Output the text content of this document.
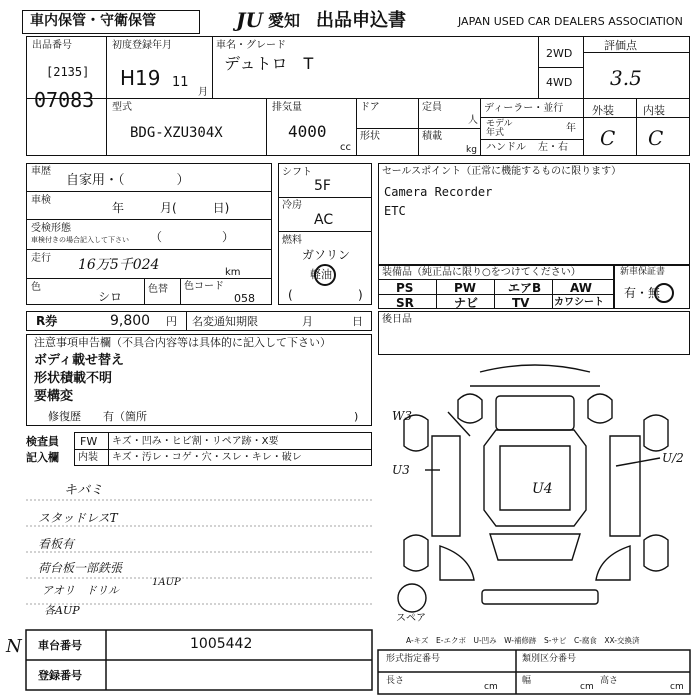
車内保管・守衛保管	JU 愛知 出品申込書	JAPAN USED CAR DEALERS ASSOCIATION
出品番号
[2135]
07083
初度登録年月
H19 11
月
車名・グレード
デュトロ　T
2WD
4WD
評価点
3.5
型式
BDG-XZU304X
排気量
4000
cc
ドア
形状
定員
人
積載
kg
ディーラー・並行
モデル
年式	年
ハンドル 左・右
外装	内装
C C
車歴
自家用・（　　　　）
車検
年　　　月(　　　日)
受検形態
車検付きの場合記入して下さい （　　　　　）
走行 16万5千024	km
色
シロ
色替 色コード
058
シフト
5F
冷房
AC
燃料
ガソリン
軽油
(	)
セールスポイント（正常に機能するものに限ります）
Camera Recorder
ETC
装備品（純正品に限り○をつけてください）
PS	PW	エアB AW
SR	ナビ	TV カワシート
新車保証書
有・無
R券	9,800 円 名変通知期限	月	日 後日品
注意事項申告欄（不具合内容等は具体的に記入して下さい）
ボディ載せ替え
形状積載不明
要構変
修復歴　　有（箇所	)
検査員
記入欄
FW キズ・凹み・ヒビ割・リペア跡・X要
内装 キズ・汚レ・コゲ・穴・スレ・キレ・破レ
キバミ
スタッドレスT
看板有
荷台板一部鉄張
アオリ　ドリル
各AUP
1AUP
N
W3
U3
U4
U/2
スペア
A-キズ　E-エクボ　U-凹み　W-補修跡　S-サビ　C-腐食　XX-交換済
車台番号	1005442
登録番号
形式指定番号	類別区分番号
長さ
cm
幅
cm
高さ
cm
